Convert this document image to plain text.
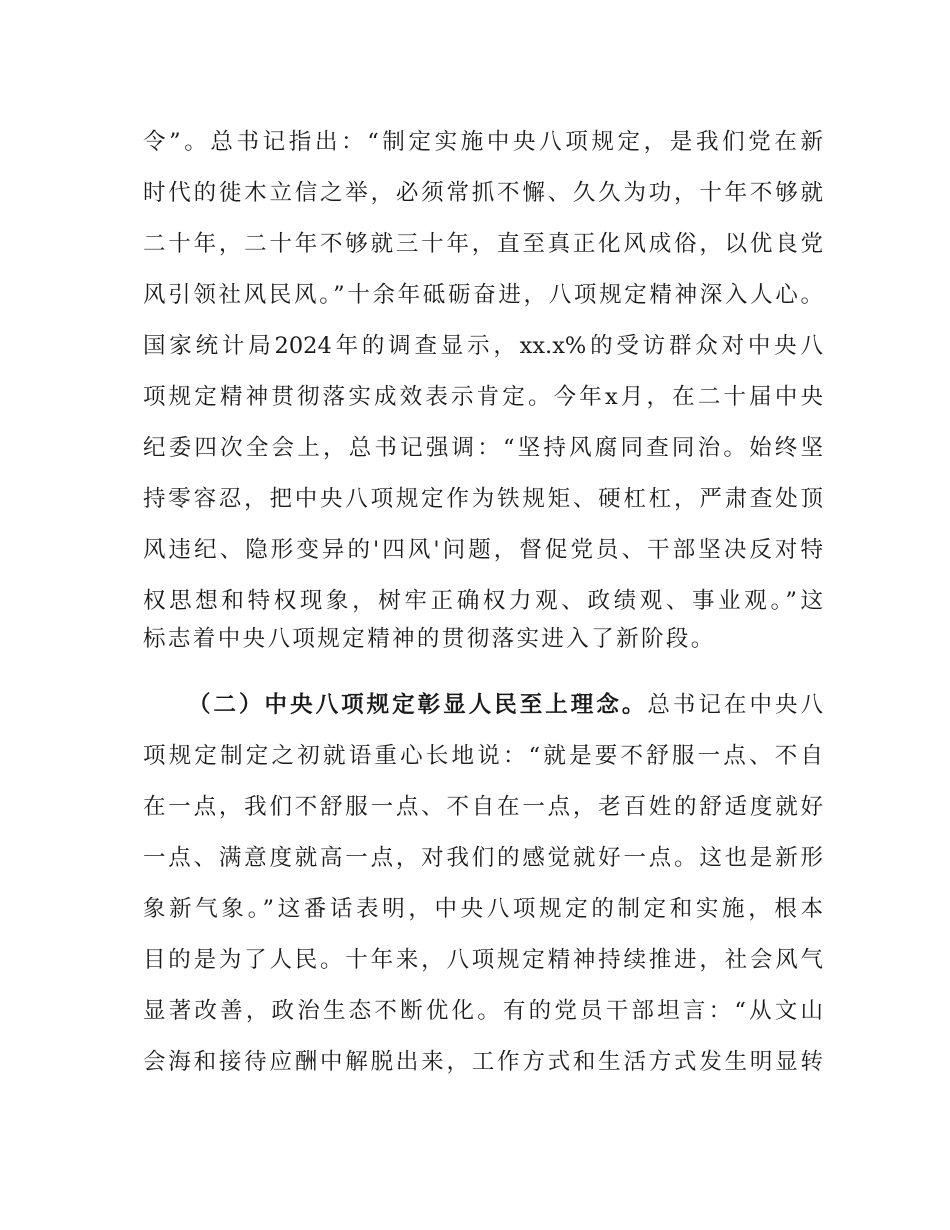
令”。总书记指出：“制定实施中央八项规定，是我们党在新
时代的徙木立信之举，必须常抓不懈、久久为功，十年不够就
二十年，二十年不够就三十年，直至真正化风成俗，以优良党
风引领社风民风。”十余年砥砺奋进，八项规定精神深入人心。
国家统计局2024年的调查显示，xx.x%的受访群众对中央八
项规定精神贯彻落实成效表示肯定。今年x月，在二十届中央
纪委四次全会上，总书记强调：“坚持风腐同查同治。始终坚
持零容忍，把中央八项规定作为铁规矩、硬杠杠，严肃查处顶
风违纪、隐形变异的'四风'问题，督促党员、干部坚决反对特
权思想和特权现象，树牢正确权力观、政绩观、事业观。”这
标志着中央八项规定精神的贯彻落实进入了新阶段。
（二）中央八项规定彰显人民至上理念。总书记在中央八
项规定制定之初就语重心长地说：“就是要不舒服一点、不自
在一点，我们不舒服一点、不自在一点，老百姓的舒适度就好
一点、满意度就高一点，对我们的感觉就好一点。这也是新形
象新气象。”这番话表明，中央八项规定的制定和实施，根本
目的是为了人民。十年来，八项规定精神持续推进，社会风气
显著改善，政治生态不断优化。有的党员干部坦言：“从文山
会海和接待应酬中解脱出来，工作方式和生活方式发生明显转
